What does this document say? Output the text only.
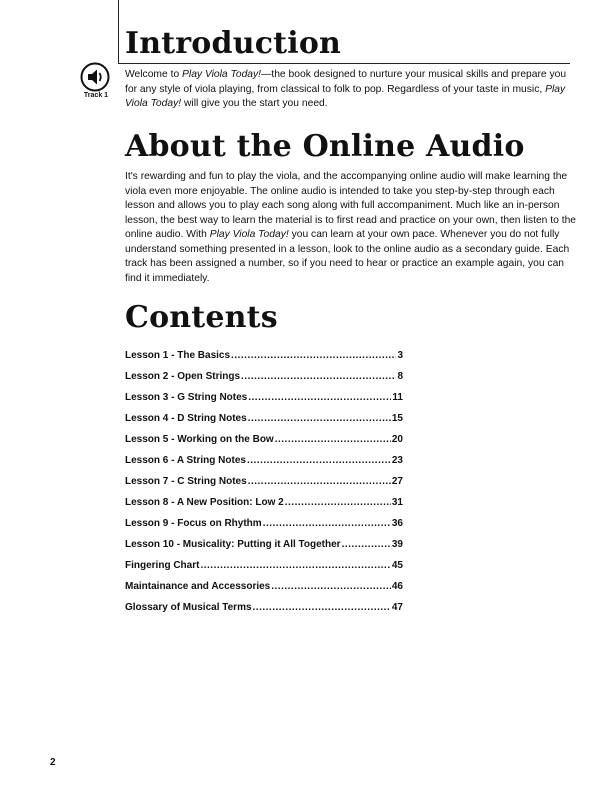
Introduction
Track 1

Welcome to Play Viola Today!—the book designed to nurture your musical skills and prepare you for any style of viola playing, from classical to folk to pop. Regardless of your taste in music, Play Viola Today! will give you the start you need.

About the Online Audio

It's rewarding and fun to play the viola, and the accompanying online audio will make learning the viola even more enjoyable. The online audio is intended to take you step-by-step through each lesson and allows you to play each song along with full accompaniment. Much like an in-person lesson, the best way to learn the material is to first read and practice on your own, then listen to the online audio. With Play Viola Today! you can learn at your own pace. Whenever you do not fully understand something presented in a lesson, look to the online audio as a secondary guide. Each track has been assigned a number, so if you need to hear or practice an example again, you can find it immediately.

Contents
Lesson 1 - The Basics .....	3
Lesson 2 - Open Strings .....	8
Lesson 3 - G String Notes .....	11
Lesson 4 - D String Notes .....	15
Lesson 5 - Working on the Bow .....	20
Lesson 6 - A String Notes .....	23
Lesson 7 - C String Notes .....	27
Lesson 8 - A New Position: Low 2 .....	31
Lesson 9 - Focus on Rhythm .....	36
Lesson 10 - Musicality: Putting it All Together .....	39
Fingering Chart .....	45
Maintainance and Accessories .....	46
Glossary of Musical Terms .....	47
2
